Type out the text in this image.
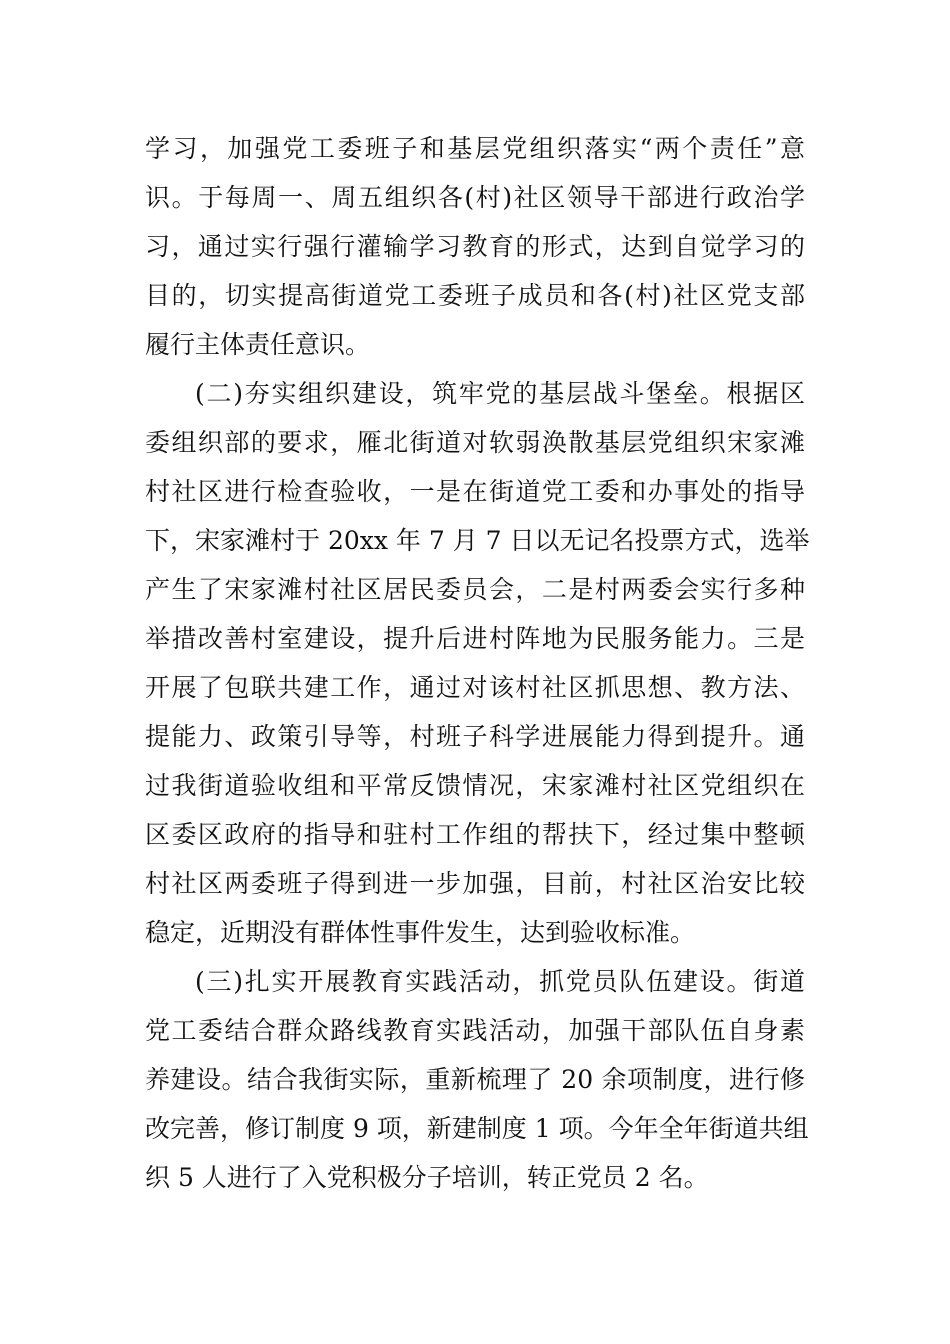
学习，加强党工委班子和基层党组织落实“两个责任”意
识。于每周一、周五组织各(村)社区领导干部进行政治学
习，通过实行强行灌输学习教育的形式，达到自觉学习的
目的，切实提高街道党工委班子成员和各(村)社区党支部
履行主体责任意识。
(二)夯实组织建设，筑牢党的基层战斗堡垒。根据区
委组织部的要求，雁北街道对软弱涣散基层党组织宋家滩
村社区进行检查验收，一是在街道党工委和办事处的指导
下，宋家滩村于 20xx 年 7 月 7 日以无记名投票方式，选举
产生了宋家滩村社区居民委员会，二是村两委会实行多种
举措改善村室建设，提升后进村阵地为民服务能力。三是
开展了包联共建工作，通过对该村社区抓思想、教方法、
提能力、政策引导等，村班子科学进展能力得到提升。通
过我街道验收组和平常反馈情况，宋家滩村社区党组织在
区委区政府的指导和驻村工作组的帮扶下，经过集中整顿
村社区两委班子得到进一步加强，目前，村社区治安比较
稳定，近期没有群体性事件发生，达到验收标准。
(三)扎实开展教育实践活动，抓党员队伍建设。街道
党工委结合群众路线教育实践活动，加强干部队伍自身素
养建设。结合我街实际，重新梳理了 20 余项制度，进行修
改完善，修订制度 9 项，新建制度 1 项。今年全年街道共组
织 5 人进行了入党积极分子培训，转正党员 2 名。
